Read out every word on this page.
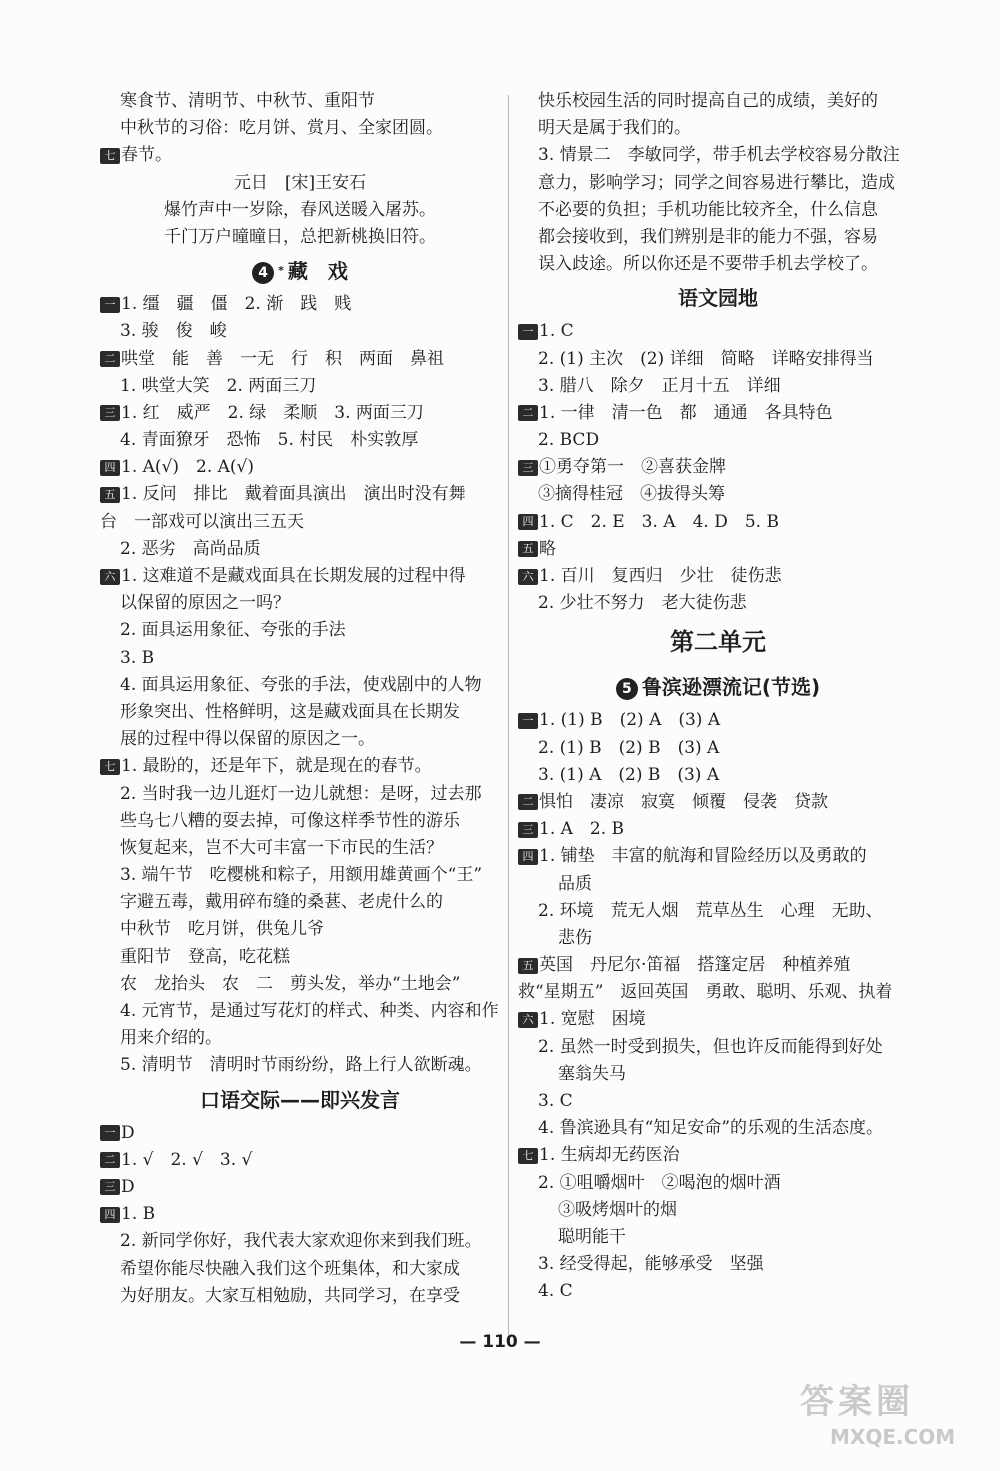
寒食节、清明节、中秋节、重阳节
中秋节的习俗：吃月饼、赏月、全家团圆。
七 春节。
元日　[宋]王安石
爆竹声中一岁除，春风送暖入屠苏。
千门万户曈曈日，总把新桃换旧符。
4 * 藏　戏
一 1. 缰　疆　僵　2. 渐　践　贱
3. 骏　俊　峻
二 哄堂　能　善　一无　行　积　两面　鼻祖
1. 哄堂大笑　2. 两面三刀
三 1. 红　威严　2. 绿　柔顺　3. 两面三刀
4. 青面獠牙　恐怖　5. 村民　朴实敦厚
四 1. A(√)　2. A(√)
五 1. 反问　排比　戴着面具演出　演出时没有舞
台　一部戏可以演出三五天
2. 恶劣　高尚品质
六 1. 这难道不是藏戏面具在长期发展的过程中得
以保留的原因之一吗？
2. 面具运用象征、夸张的手法
3. B
4. 面具运用象征、夸张的手法，使戏剧中的人物
形象突出、性格鲜明，这是藏戏面具在长期发
展的过程中得以保留的原因之一。
七 1. 最盼的，还是年下，就是现在的春节。
2. 当时我一边儿逛灯一边儿就想：是呀，过去那
些乌七八糟的耍去掉，可像这样季节性的游乐
恢复起来，岂不大可丰富一下市民的生活？
3. 端午节　吃樱桃和粽子，用额用雄黄画个“王”
字避五毒，戴用碎布缝的桑葚、老虎什么的
中秋节　吃月饼，供兔儿爷
重阳节　登高，吃花糕
农　龙抬头　农　二　剪头发，举办“土地会”
4. 元宵节，是通过写花灯的样式、种类、内容和作
用来介绍的。
5. 清明节　清明时节雨纷纷，路上行人欲断魂。
口语交际——即兴发言
一 D
二 1. √　2. √　3. √
三 D
四 1. B
2. 新同学你好，我代表大家欢迎你来到我们班。
希望你能尽快融入我们这个班集体，和大家成
为好朋友。大家互相勉励，共同学习，在享受
快乐校园生活的同时提高自己的成绩，美好的
明天是属于我们的。
3. 情景二　李敏同学，带手机去学校容易分散注
意力，影响学习；同学之间容易进行攀比，造成
不必要的负担；手机功能比较齐全，什么信息
都会接收到，我们辨别是非的能力不强，容易
误入歧途。所以你还是不要带手机去学校了。
语文园地
一 1. C
2. (1) 主次　(2) 详细　简略　详略安排得当
3. 腊八　除夕　正月十五　详细
二 1. 一律　清一色　都　通通　各具特色
2. BCD
三 ①勇夺第一　②喜获金牌
③摘得桂冠　④拔得头筹
四 1. C　2. E　3. A　4. D　5. B
五 略
六 1. 百川　复西归　少壮　徒伤悲
2. 少壮不努力　老大徒伤悲
第二单元
5 鲁滨逊漂流记(节选)
一 1. (1) B　(2) A　(3) A
2. (1) B　(2) B　(3) A
3. (1) A　(2) B　(3) A
二 惧怕　凄凉　寂寞　倾覆　侵袭　贷款
三 1. A　2. B
四 1. 铺垫　丰富的航海和冒险经历以及勇敢的
品质
2. 环境　荒无人烟　荒草丛生　心理　无助、
悲伤
五 英国　丹尼尔·笛福　搭篷定居　种植养殖
救“星期五”　返回英国　勇敢、聪明、乐观、执着
六 1. 宽慰　困境
2. 虽然一时受到损失，但也许反而能得到好处
塞翁失马
3. C
4. 鲁滨逊具有“知足安命”的乐观的生活态度。
七 1. 生病却无药医治
2. ①咀嚼烟叶　②喝泡的烟叶酒
③吸烤烟叶的烟
聪明能干
3. 经受得起，能够承受　坚强
4. C
— 110 —
答案圈
MXQE.COM
